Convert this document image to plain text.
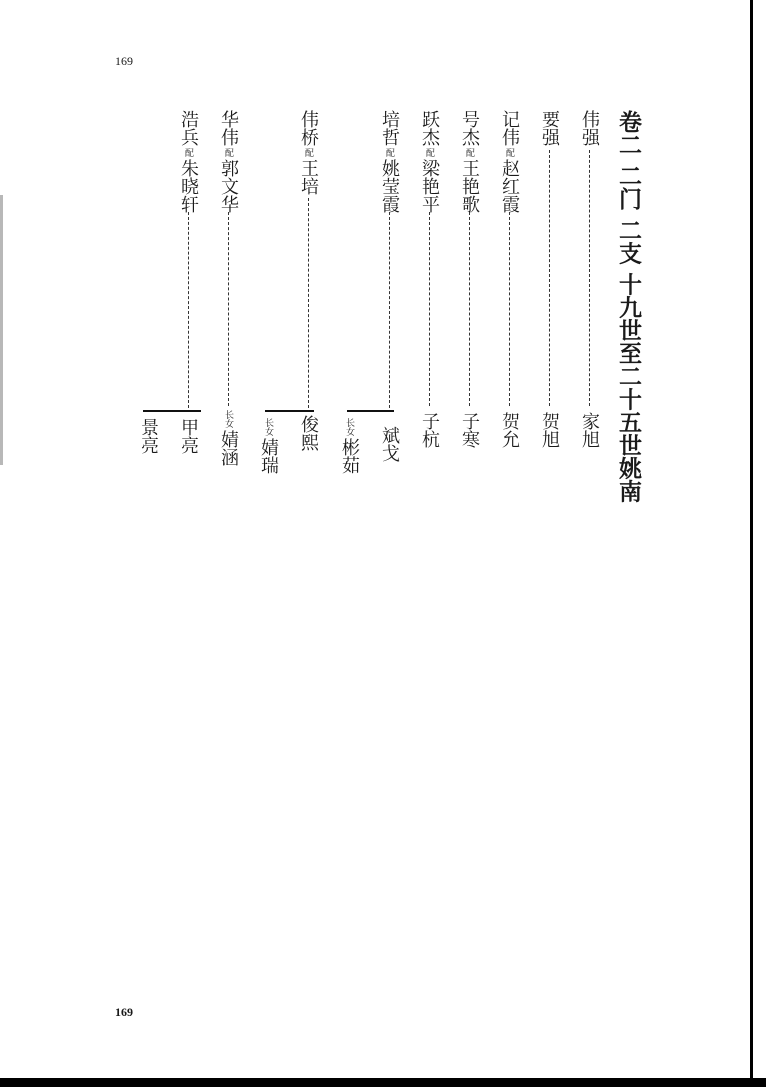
169
169
卷二 二门 二支 十九世至二十五世姚南
伟强
家旭
要强
贺旭
记伟配赵红霞
贺允
号杰配王艳歌
子寒
跃杰配梁艳平
子杭
培哲配姚莹霞
斌戈
长女彬茹
伟桥配王培
俊熙
长女婧瑞
华伟配郭文华
长女婧涵
浩兵配朱晓轩
甲亮
景亮
